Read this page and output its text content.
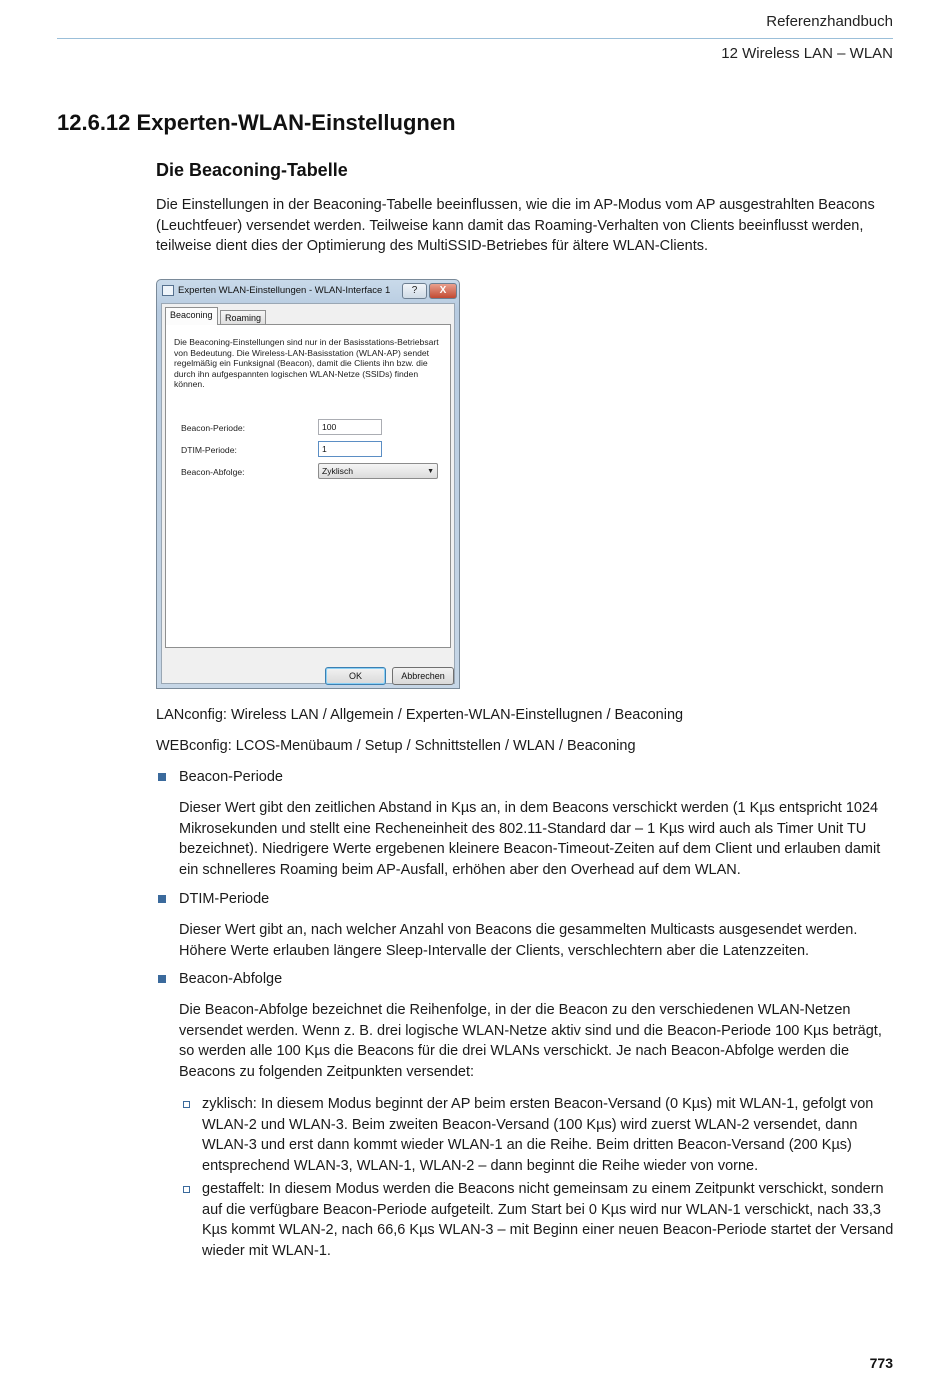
Referenzhandbuch
12 Wireless LAN – WLAN
12.6.12 Experten-WLAN-Einstellugnen
Die Beaconing-Tabelle

Die Einstellungen in der Beaconing-Tabelle beeinflussen, wie die im AP-Modus vom AP ausgestrahlten Beacons (Leuchtfeuer) versendet werden. Teilweise kann damit das Roaming-Verhalten von Clients beeinflusst werden, teilweise dient dies der Optimierung des MultiSSID-Betriebes für ältere WLAN-Clients.

Experten WLAN-Einstellungen - WLAN-Interface 1	?	X
Beaconing	Roaming

Die Beaconing-Einstellungen sind nur in der Basisstations-Betriebsart von Bedeutung. Die Wireless-LAN-Basisstation (WLAN-AP) sendet regelmäßig ein Funksignal (Beacon), damit die Clients ihn bzw. die durch ihn aufgespannten logischen WLAN-Netze (SSIDs) finden können.

Beacon-Periode:	100
DTIM-Periode:	1
Beacon-Abfolge:	Zyklisch	▼
OK	Abbrechen

LANconfig: Wireless LAN / Allgemein / Experten-WLAN-Einstellugnen / Beaconing

WEBconfig: LCOS-Menübaum / Setup / Schnittstellen / WLAN / Beaconing

Beacon-Periode

Dieser Wert gibt den zeitlichen Abstand in Kµs an, in dem Beacons verschickt werden (1 Kµs entspricht 1024 Mikrosekunden und stellt eine Recheneinheit des 802.11-Standard dar – 1 Kµs wird auch als Timer Unit TU bezeichnet). Niedrigere Werte ergebenen kleinere Beacon-Timeout-Zeiten auf dem Client und erlauben damit ein schnelleres Roaming beim AP-Ausfall, erhöhen aber den Overhead auf dem WLAN.

DTIM-Periode

Dieser Wert gibt an, nach welcher Anzahl von Beacons die gesammelten Multicasts ausgesendet werden. Höhere Werte erlauben längere Sleep-Intervalle der Clients, verschlechtern aber die Latenzzeiten.

Beacon-Abfolge

Die Beacon-Abfolge bezeichnet die Reihenfolge, in der die Beacon zu den verschiedenen WLAN-Netzen versendet werden. Wenn z. B. drei logische WLAN-Netze aktiv sind und die Beacon-Periode 100 Kµs beträgt, so werden alle 100 Kµs die Beacons für die drei WLANs verschickt. Je nach Beacon-Abfolge werden die Beacons zu folgenden Zeitpunkten versendet:

zyklisch: In diesem Modus beginnt der AP beim ersten Beacon-Versand (0 Kµs) mit WLAN-1, gefolgt von WLAN-2 und WLAN-3. Beim zweiten Beacon-Versand (100 Kµs) wird zuerst WLAN-2 versendet, dann WLAN-3 und erst dann kommt wieder WLAN-1 an die Reihe. Beim dritten Beacon-Versand (200 Kµs) entsprechend WLAN-3, WLAN-1, WLAN-2 – dann beginnt die Reihe wieder von vorne.

gestaffelt: In diesem Modus werden die Beacons nicht gemeinsam zu einem Zeitpunkt verschickt, sondern auf die verfügbare Beacon-Periode aufgeteilt. Zum Start bei 0 Kµs wird nur WLAN-1 verschickt, nach 33,3 Kµs kommt WLAN-2, nach 66,6 Kµs WLAN-3 – mit Beginn einer neuen Beacon-Periode startet der Versand wieder mit WLAN-1.

773
